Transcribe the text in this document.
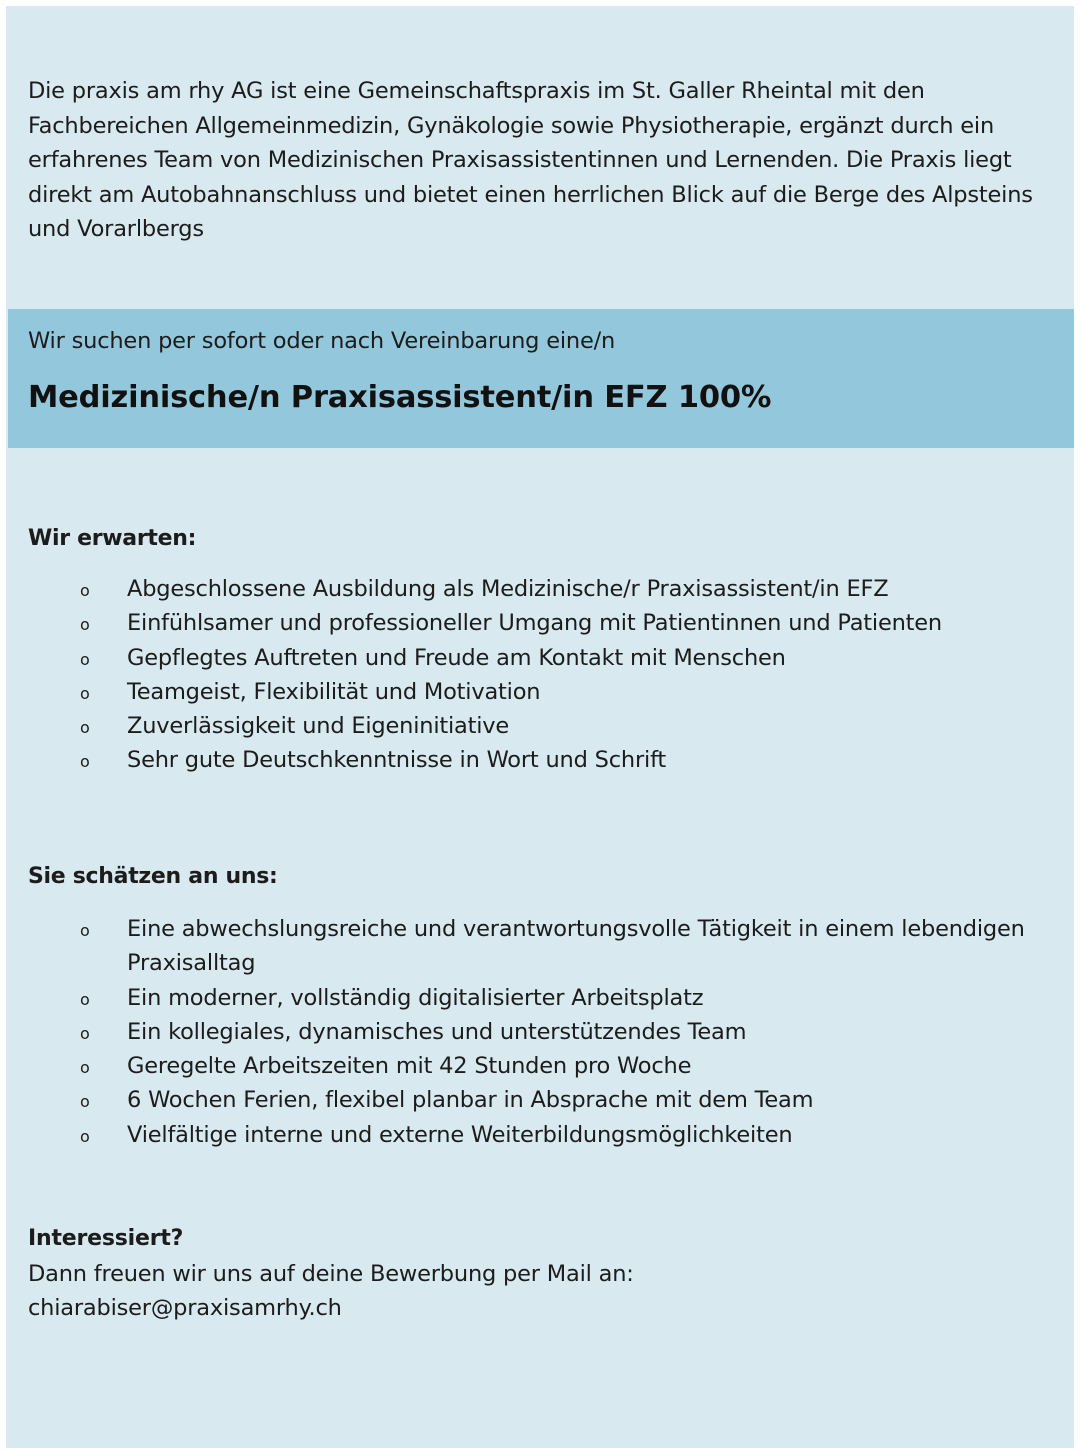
Die praxis am rhy AG ist eine Gemeinschaftspraxis im St. Galler Rheintal mit den Fachbereichen Allgemeinmedizin, Gynäkologie sowie Physiotherapie, ergänzt durch ein erfahrenes Team von Medizinischen Praxisassistentinnen und Lernenden. Die Praxis liegt direkt am Autobahnanschluss und bietet einen herrlichen Blick auf die Berge des Alpsteins und Vorarlbergs

Wir suchen per sofort oder nach Vereinbarung eine/n

Medizinische/n Praxisassistent/in EFZ 100%
Wir erwarten:
o Abgeschlossene Ausbildung als Medizinische/r Praxisassistent/in EFZ
o Einfühlsamer und professioneller Umgang mit Patientinnen und Patienten
o Gepflegtes Auftreten und Freude am Kontakt mit Menschen
o Teamgeist, Flexibilität und Motivation
o Zuverlässigkeit und Eigeninitiative
o Sehr gute Deutschkenntnisse in Wort und Schrift
Sie schätzen an uns:
o Eine abwechslungsreiche und verantwortungsvolle Tätigkeit in einem lebendigen Praxisalltag
o Ein moderner, vollständig digitalisierter Arbeitsplatz
o Ein kollegiales, dynamisches und unterstützendes Team
o Geregelte Arbeitszeiten mit 42 Stunden pro Woche
o 6 Wochen Ferien, flexibel planbar in Absprache mit dem Team
o Vielfältige interne und externe Weiterbildungsmöglichkeiten
Interessiert?
Dann freuen wir uns auf deine Bewerbung per Mail an:
chiarabiser@praxisamrhy.ch
